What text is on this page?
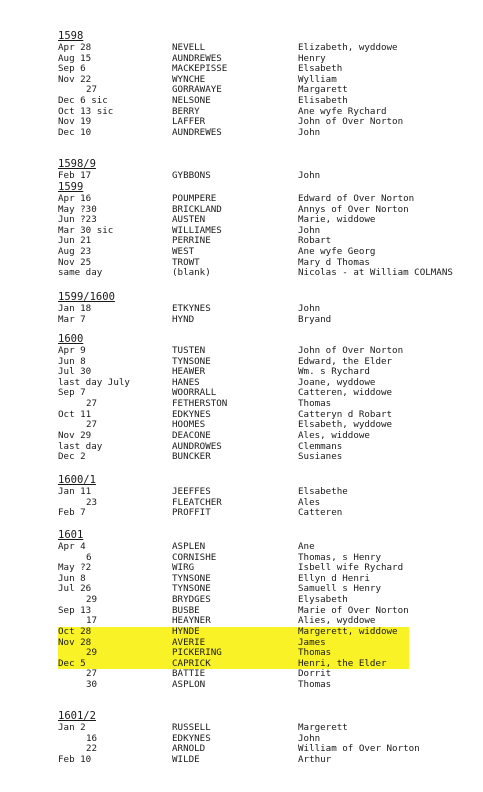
1598
Apr 28	NEVELL	Elizabeth, wyddowe
Aug 15	AUNDREWES	Henry
Sep 6	MACKEPISSE	Elsabeth
Nov 22	WYNCHE	Wylliam
27	GORRAWAYE	Margarett
Dec 6 sic	NELSONE	Elisabeth
Oct 13 sic	BERRY	Ane wyfe Rychard
Nov 19	LAFFER	John of Over Norton
Dec 10	AUNDREWES	John
1598/9
Feb 17	GYBBONS	John
1599
Apr 16	POUMPERE	Edward of Over Norton
May ?30	BRICKLAND	Annys of Over Norton
Jun ?23	AUSTEN	Marie, widdowe
Mar 30 sic	WILLIAMES	John
Jun 21	PERRINE	Robart
Aug 23	WEST	Ane wyfe Georg
Nov 25	TROWT	Mary d Thomas
same day	(blank)	Nicolas - at William COLMANS
1599/1600
Jan 18	ETKYNES	John
Mar 7	HYND	Bryand
1600
Apr 9	TUSTEN	John of Over Norton
Jun 8	TYNSONE	Edward, the Elder
Jul 30	HEAWER	Wm. s Rychard
last day July	HANES	Joane, wyddowe
Sep 7	WOORRALL	Catteren, widdowe
27	FETHERSTON	Thomas
Oct 11	EDKYNES	Catteryn d Robart
27	HOOMES	Elsabeth, wyddowe
Nov 29	DEACONE	Ales, widdowe
last day	AUNDROWES	Clemmans
Dec 2	BUNCKER	Susianes
1600/1
Jan 11	JEEFFES	Elsabethe
23	FLEATCHER	Ales
Feb 7	PROFFIT	Catteren
1601
Apr 4	ASPLEN	Ane
6	CORNISHE	Thomas, s Henry
May ?2	WIRG	Isbell wife Rychard
Jun 8	TYNSONE	Ellyn d Henri
Jul 26	TYNSONE	Samuell s Henry
29	BRYDGES	Elysabeth
Sep 13	BUSBE	Marie of Over Norton
17	HEAYNER	Alies, wyddowe
Oct 28	HYNDE	Margerett, widdowe
Nov 28	AVERIE	James
29	PICKERING	Thomas
Dec 5	CAPRICK	Henri, the Elder
27	BATTIE	Dorrit
30	ASPLON	Thomas
1601/2
Jan 2	RUSSELL	Margerett
16	EDKYNES	John
22	ARNOLD	William of Over Norton
Feb 10	WILDE	Arthur
